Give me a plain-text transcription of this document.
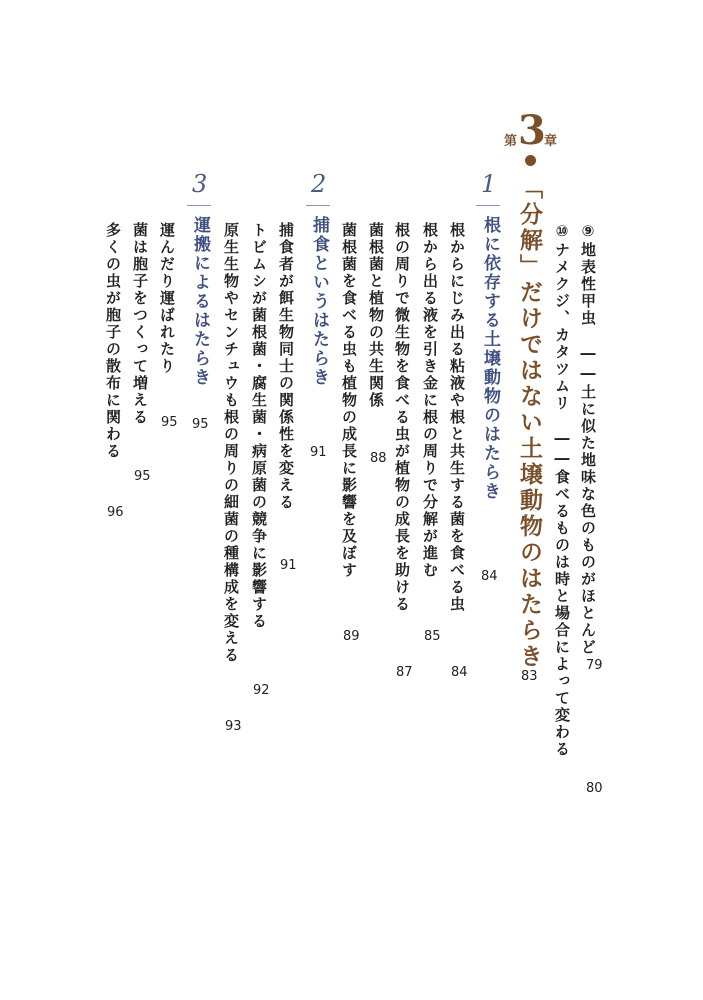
⑨地表性甲虫　――土に似た地味な色のものがほとんど
79
⑩ナメクジ、カタツムリ　――食べるものは時と場合によって変わる
80
第 3
章
「分解」だけではない土壌動物のはたらき
83
1
根に依存する土壌動物のはたらき
84
根からにじみ出る粘液や根と共生する菌を食べる虫
84
根から出る液を引き金に根の周りで分解が進む
85
根の周りで微生物を食べる虫が植物の成長を助ける
87
菌根菌と植物の共生関係
88
菌根菌を食べる虫も植物の成長に影響を及ぼす
89
2
捕食というはたらき
91
捕食者が餌生物同士の関係性を変える
91
トビムシが菌根菌・腐生菌・病原菌の競争に影響する
92
原生生物やセンチュウも根の周りの細菌の種構成を変える
93
3
運搬によるはたらき
95
運んだり運ばれたり
95
菌は胞子をつくって増える
95
多くの虫が胞子の散布に関わる
96
